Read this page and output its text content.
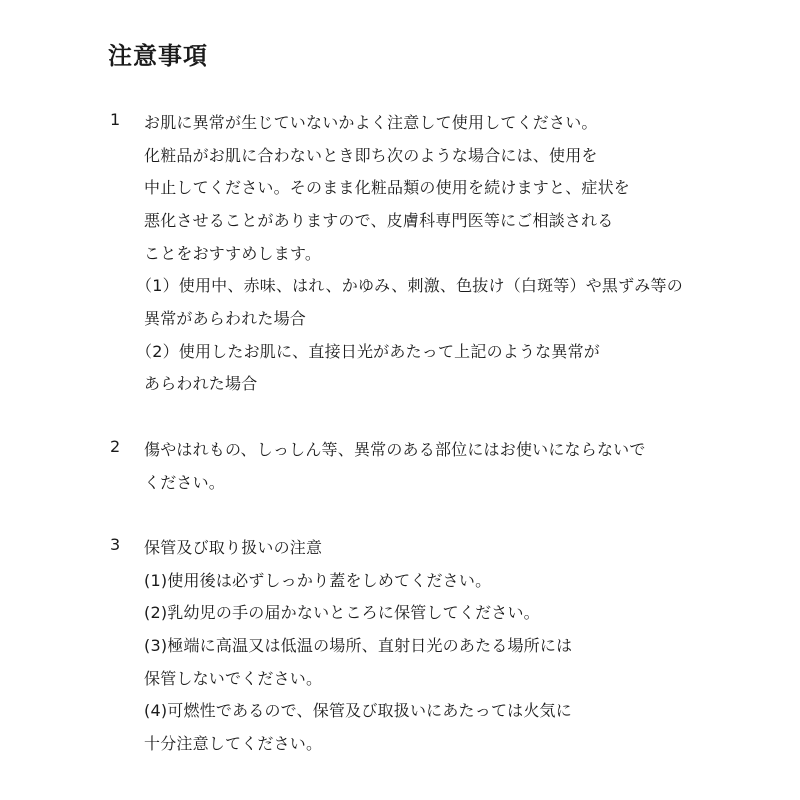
注意事項
1 お肌に異常が生じていないかよく注意して使用してください。
化粧品がお肌に合わないとき即ち次のような場合には、使用を
中止してください。そのまま化粧品類の使用を続けますと、症状を
悪化させることがありますので、皮膚科専門医等にご相談される
ことをおすすめします。
（1）使用中、赤味、はれ、かゆみ、刺激、色抜け（白斑等）や黒ずみ等の
異常があらわれた場合
（2）使用したお肌に、直接日光があたって上記のような異常が
あらわれた場合
2 傷やはれもの、しっしん等、異常のある部位にはお使いにならないで
ください。
3 保管及び取り扱いの注意
(1)使用後は必ずしっかり蓋をしめてください。
(2)乳幼児の手の届かないところに保管してください。
(3)極端に高温又は低温の場所、直射日光のあたる場所には
保管しないでください。
(4)可燃性であるので、保管及び取扱いにあたっては火気に
十分注意してください。
